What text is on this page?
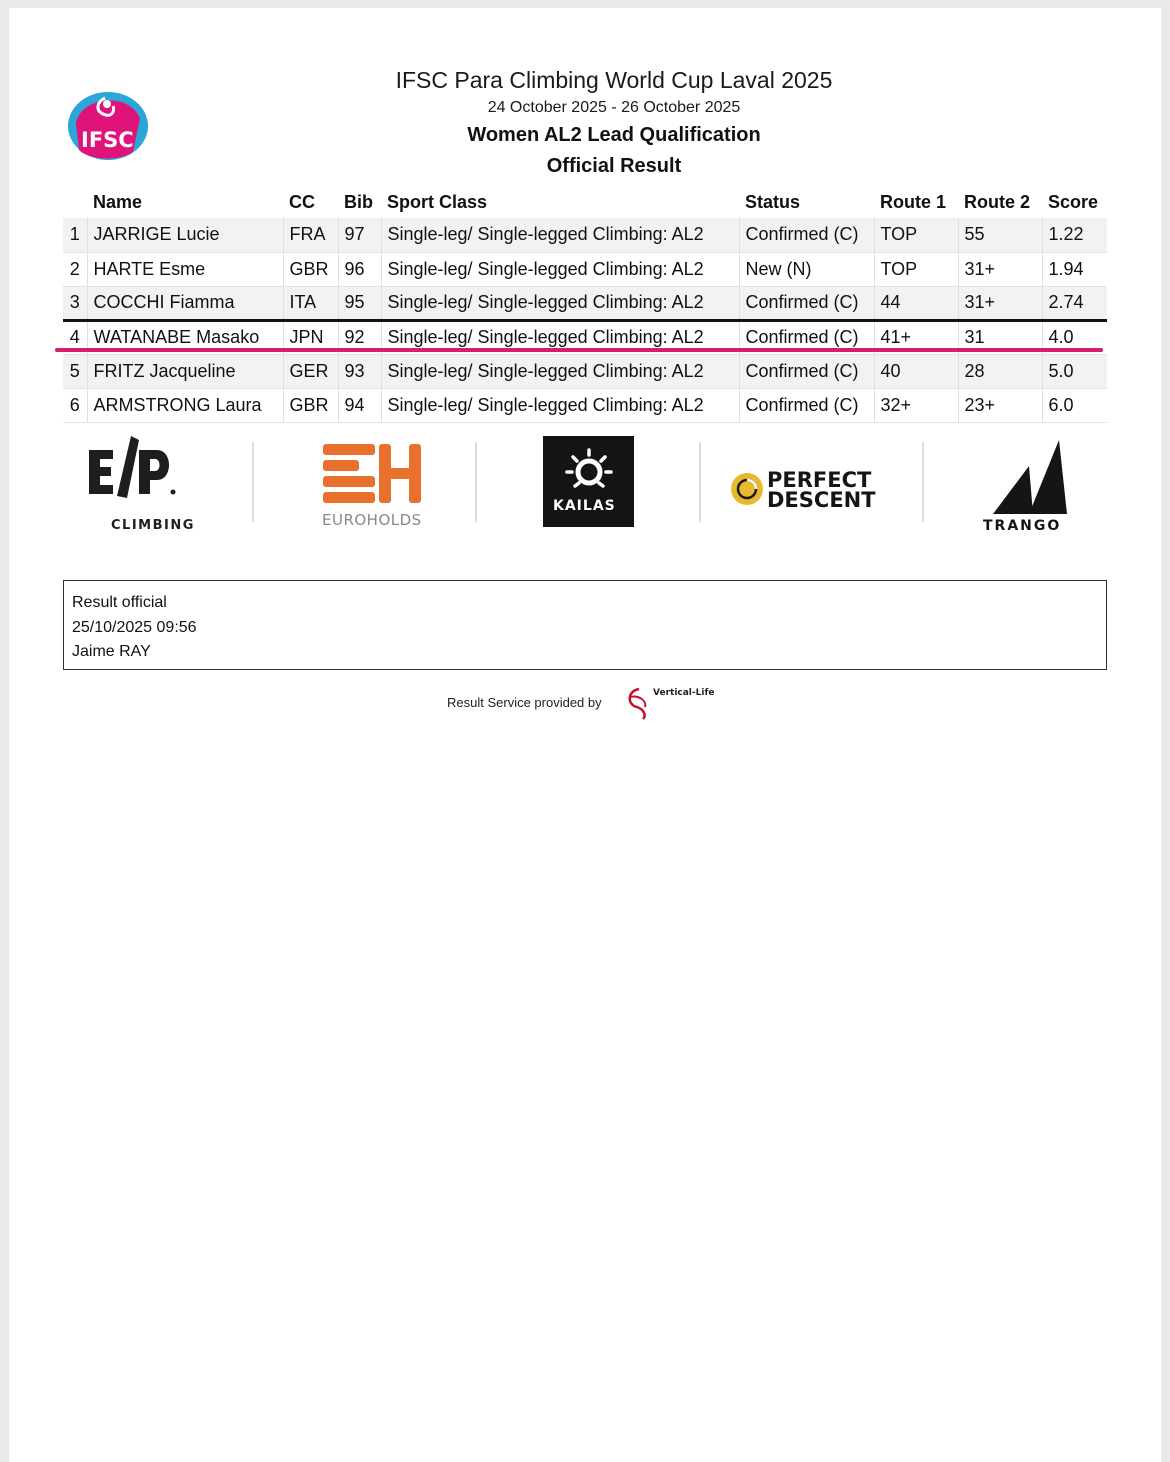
IFSC
IFSC Para Climbing World Cup Laval 2025
24 October 2025 - 26 October 2025
Women AL2 Lead Qualification
Official Result
	Name	CC	Bib	Sport Class	Status	Route 1	Route 2	Score
1	JARRIGE Lucie	FRA	97	Single-leg/ Single-legged Climbing: AL2	Confirmed (C)	TOP	55	1.22
2	HARTE Esme	GBR	96	Single-leg/ Single-legged Climbing: AL2	New (N)	TOP	31+	1.94
3	COCCHI Fiamma	ITA	95	Single-leg/ Single-legged Climbing: AL2	Confirmed (C)	44	31+	2.74
4	WATANABE Masako	JPN	92	Single-leg/ Single-legged Climbing: AL2	Confirmed (C)	41+	31	4.0
5	FRITZ Jacqueline	GER	93	Single-leg/ Single-legged Climbing: AL2	Confirmed (C)	40	28	5.0
6	ARMSTRONG Laura	GBR	94	Single-leg/ Single-legged Climbing: AL2	Confirmed (C)	32+	23+	6.0
CLIMBING	EUROHOLDS
KAILAS
PERFECT
DESCENT
TRANGO
Result official
25/10/2025 09:56
Jaime RAY
Result Service provided by
Vertical-Life
